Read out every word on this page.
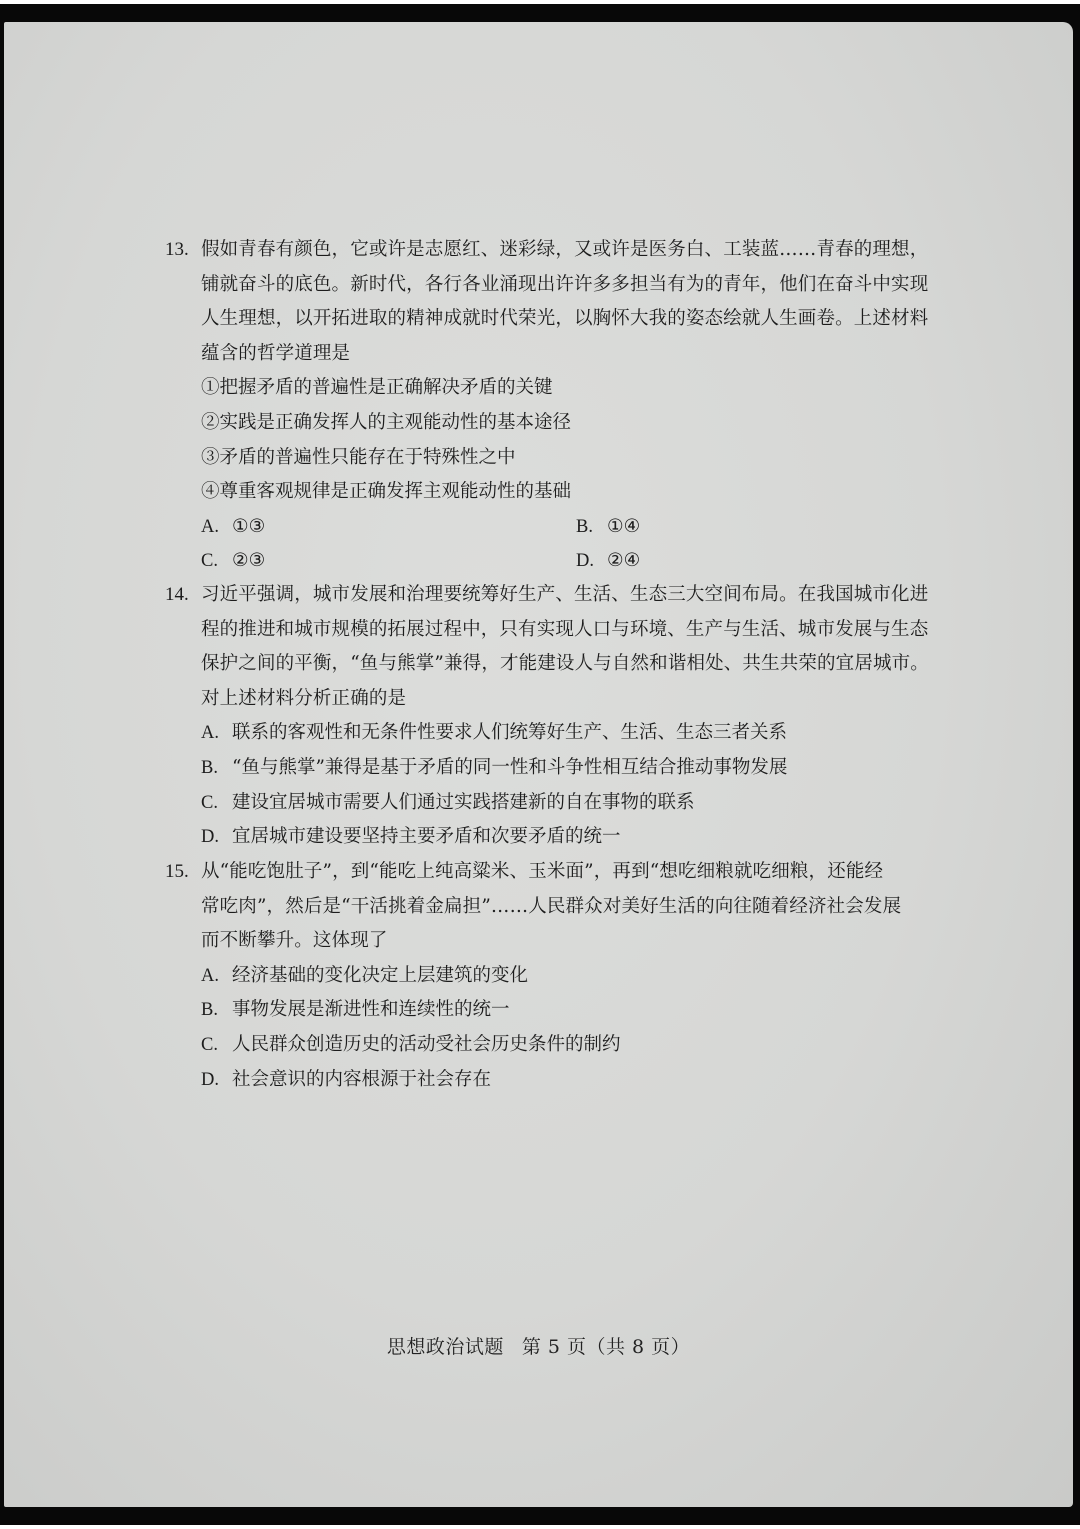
13. 假如青春有颜色，它或许是志愿红、迷彩绿，又或许是医务白、工装蓝……青春的理想，
铺就奋斗的底色。新时代，各行各业涌现出许许多多担当有为的青年，他们在奋斗中实现
人生理想，以开拓进取的精神成就时代荣光，以胸怀大我的姿态绘就人生画卷。上述材料
蕴含的哲学道理是
①把握矛盾的普遍性是正确解决矛盾的关键
②实践是正确发挥人的主观能动性的基本途径
③矛盾的普遍性只能存在于特殊性之中
④尊重客观规律是正确发挥主观能动性的基础
A. ①③	B. ①④
C. ②③	D. ②④
14. 习近平强调，城市发展和治理要统筹好生产、生活、生态三大空间布局。在我国城市化进
程的推进和城市规模的拓展过程中，只有实现人口与环境、生产与生活、城市发展与生态
保护之间的平衡，“鱼与熊掌”兼得，才能建设人与自然和谐相处、共生共荣的宜居城市。
对上述材料分析正确的是
A. 联系的客观性和无条件性要求人们统筹好生产、生活、生态三者关系
B. “鱼与熊掌”兼得是基于矛盾的同一性和斗争性相互结合推动事物发展
C. 建设宜居城市需要人们通过实践搭建新的自在事物的联系
D. 宜居城市建设要坚持主要矛盾和次要矛盾的统一
15. 从“能吃饱肚子”，到“能吃上纯高粱米、玉米面”，再到“想吃细粮就吃细粮，还能经
常吃肉”，然后是“干活挑着金扁担”……人民群众对美好生活的向往随着经济社会发展
而不断攀升。这体现了
A. 经济基础的变化决定上层建筑的变化
B. 事物发展是渐进性和连续性的统一
C. 人民群众创造历史的活动受社会历史条件的制约
D. 社会意识的内容根源于社会存在
思想政治试题 第 5 页（共 8 页）
